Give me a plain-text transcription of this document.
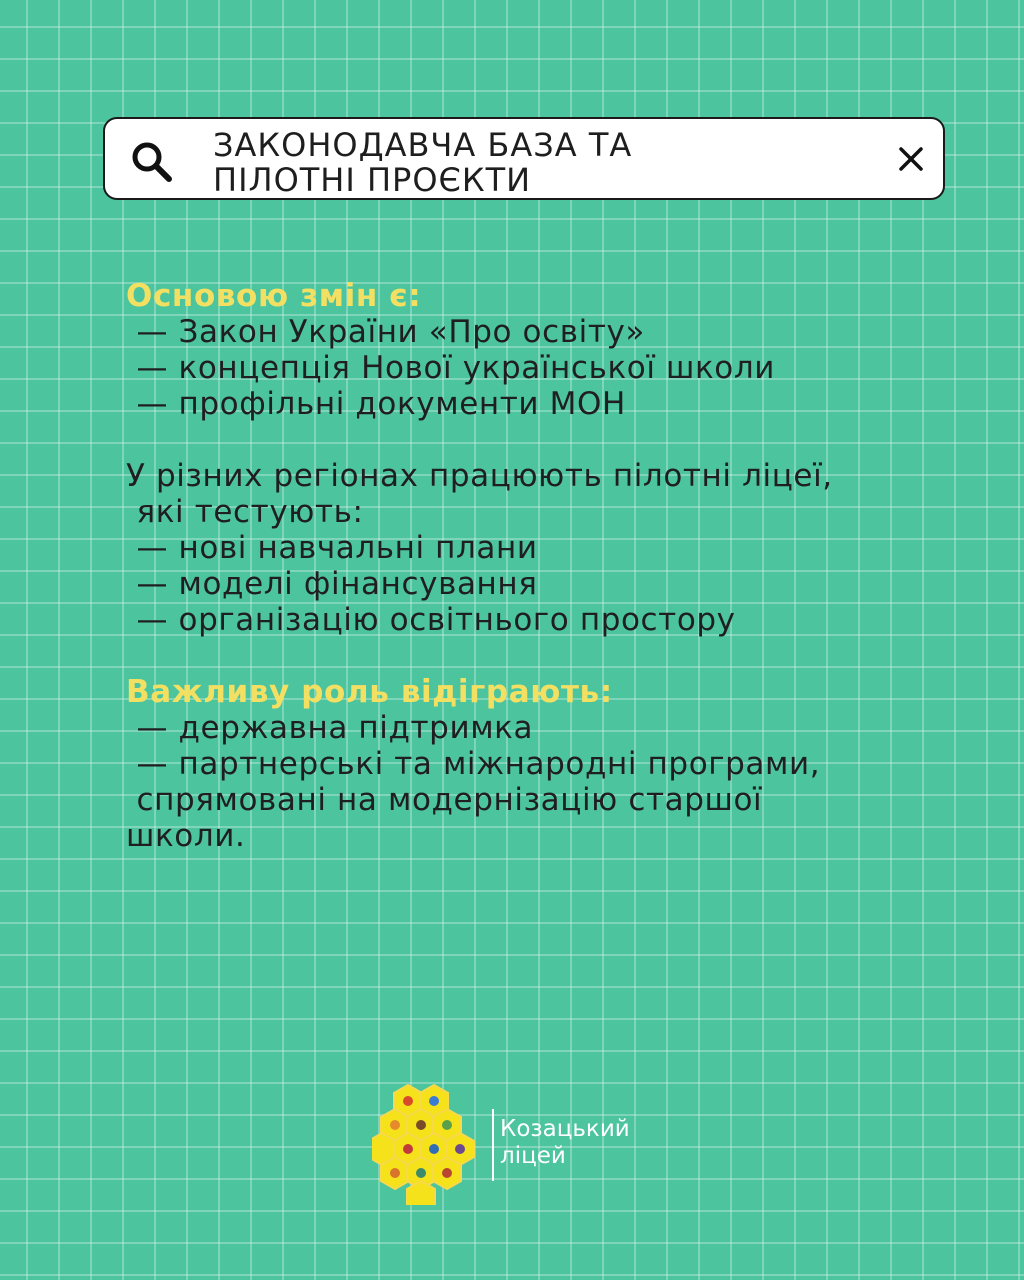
ЗАКОНОДАВЧА БАЗА ТА
ПІЛОТНІ ПРОЄКТИ
Основою змін є:
— Закон України «Про освіту»
— концепція Нової української школи
— профільні документи МОН
У різних регіонах працюють пілотні ліцеї,
які тестують:
— нові навчальні плани
— моделі фінансування
— організацію освітнього простору
Важливу роль відіграють:
— державна підтримка
— партнерські та міжнародні програми,
спрямовані на модернізацію старшої
школи.
Козацький
ліцей
